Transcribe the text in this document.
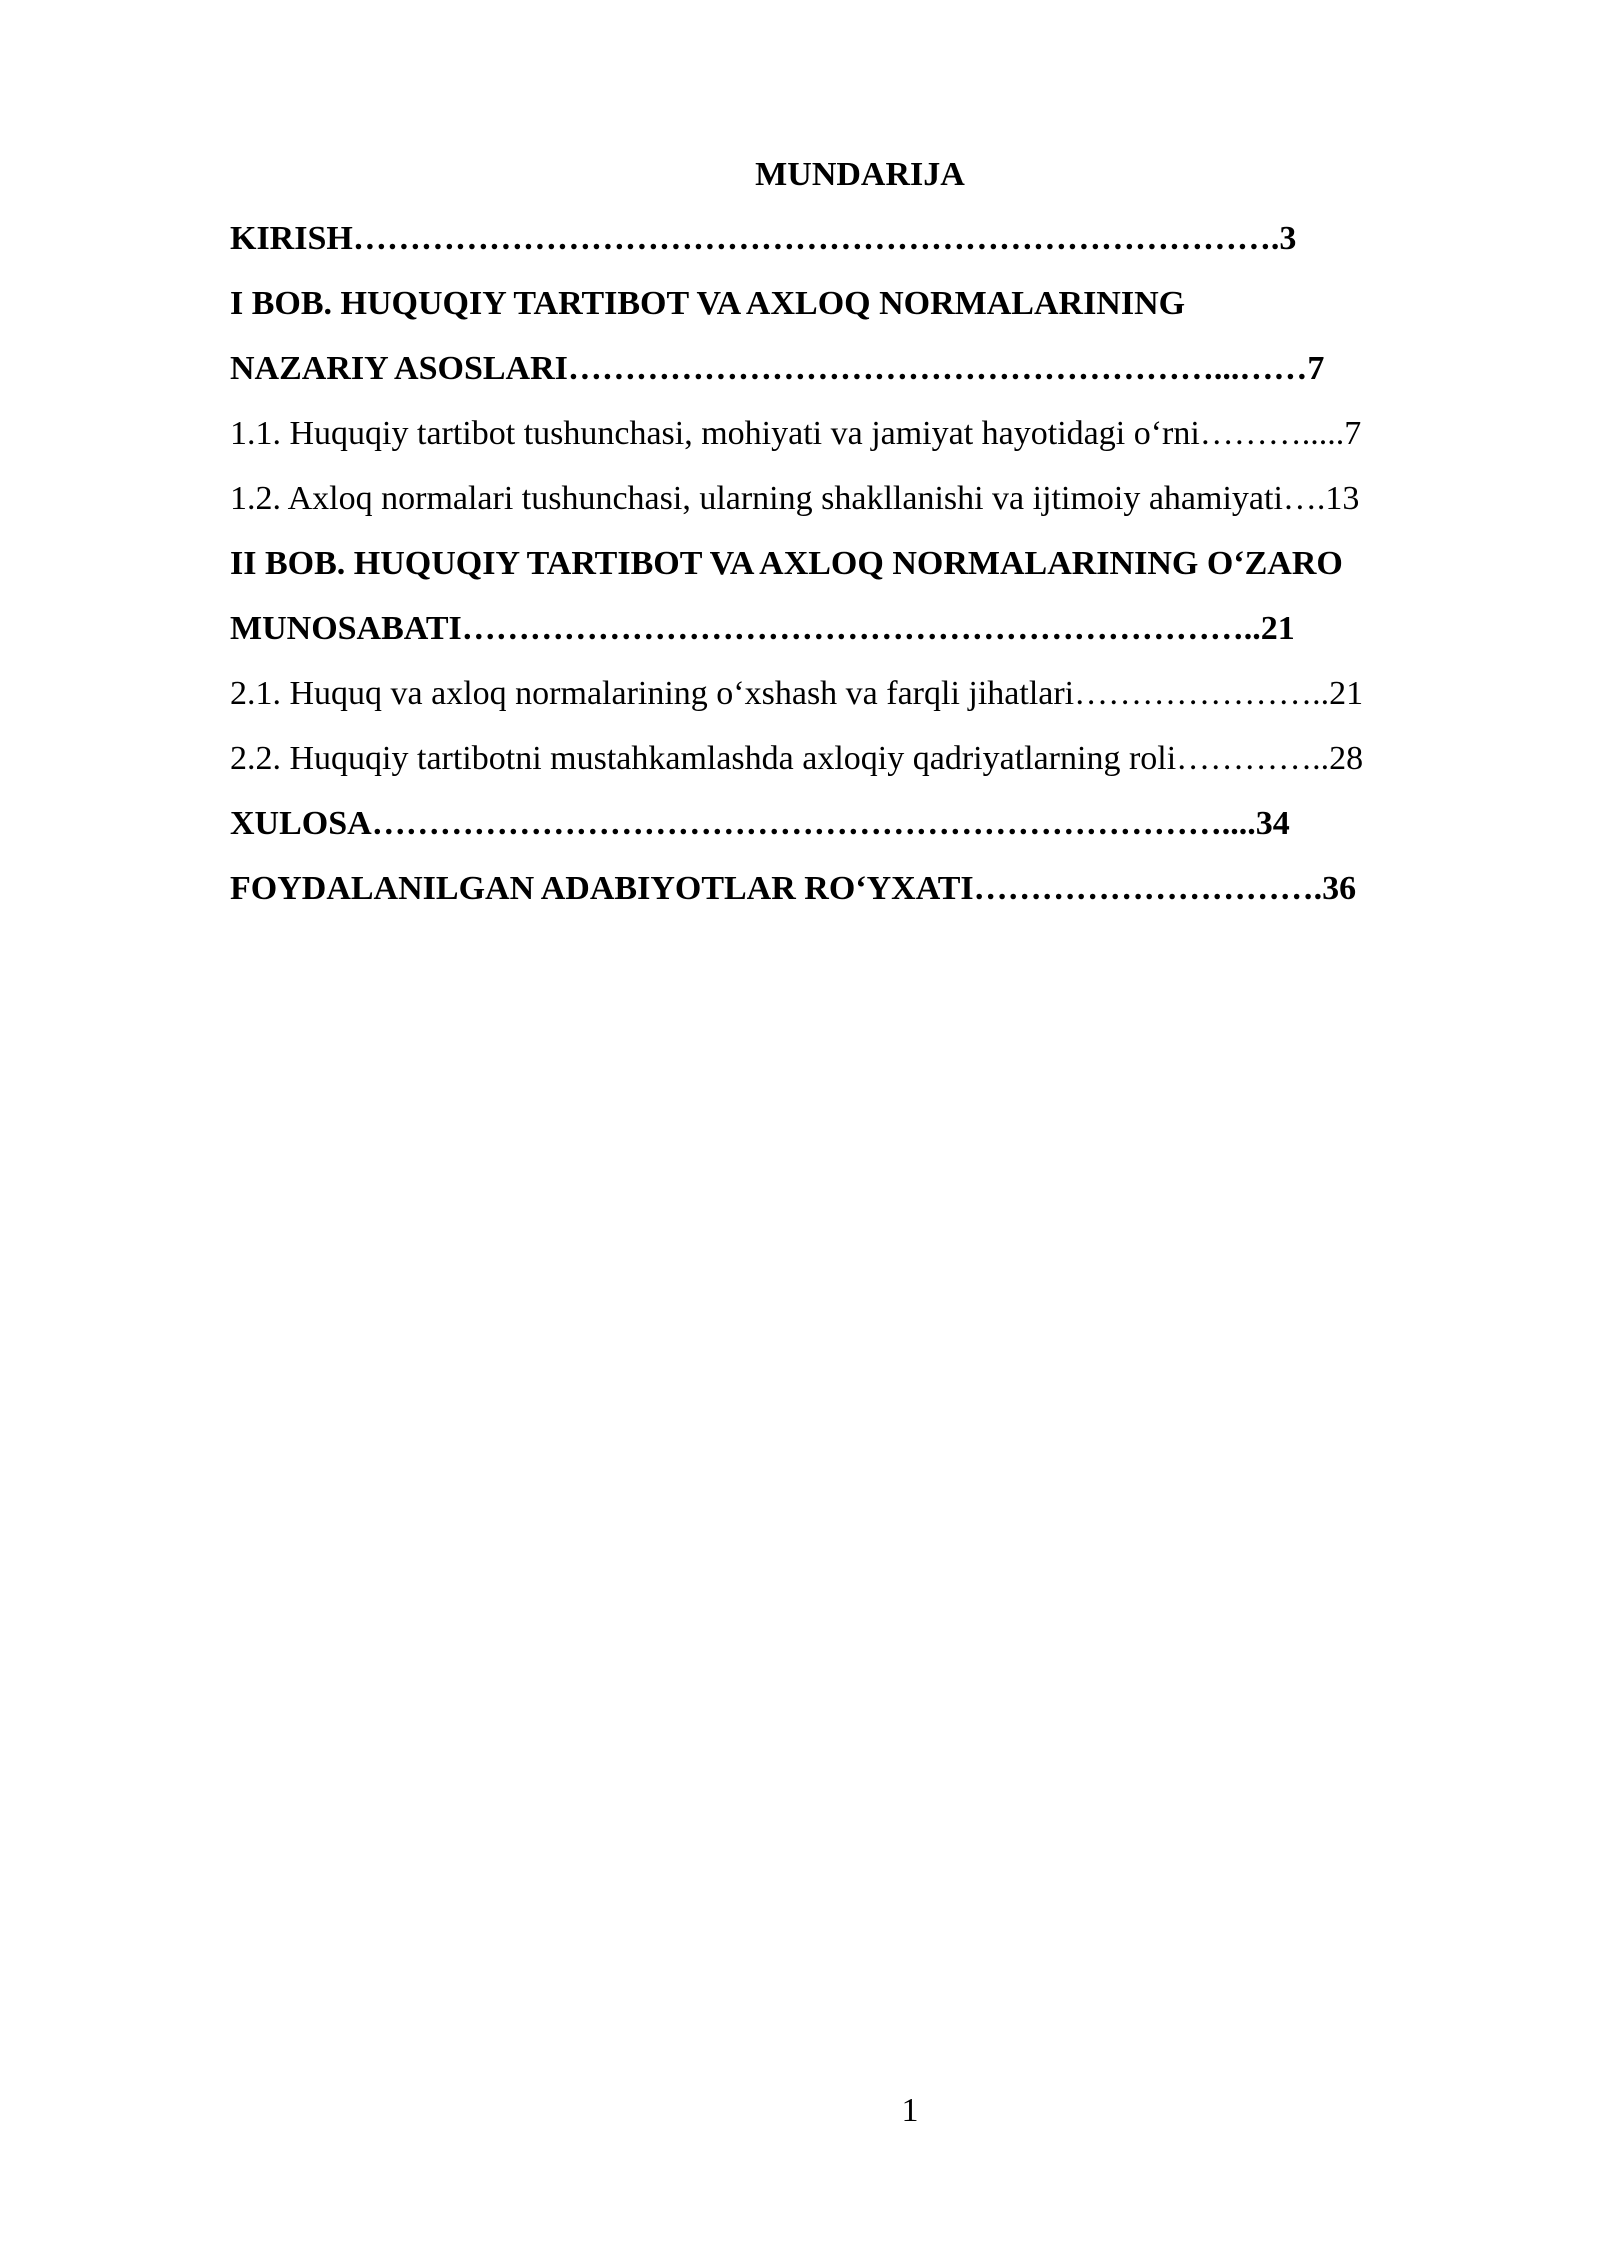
MUNDARIJA
KIRISH……………………………………………………………………….3
I BOB. HUQUQIY TARTIBOT VA AXLOQ NORMALARINING
NAZARIY ASOSLARI…………………………………………………...……7
1.1. Huquqiy tartibot tushunchasi, mohiyati va jamiyat hayotidagi o‘rni……….....7
1.2. Axloq normalari tushunchasi, ularning shakllanishi va ijtimoiy ahamiyati….13
II BOB. HUQUQIY TARTIBOT VA AXLOQ NORMALARINING O‘ZARO
MUNOSABATI……………………………………………………………..21
2.1. Huquq va axloq normalarining o‘xshash va farqli jihatlari…………………..21
2.2. Huquqiy tartibotni mustahkamlashda axloqiy qadriyatlarning roli…………..28
XULOSA…………………………………………………………………....34
FOYDALANILGAN ADABIYOTLAR RO‘YXATI………………………….36
1
